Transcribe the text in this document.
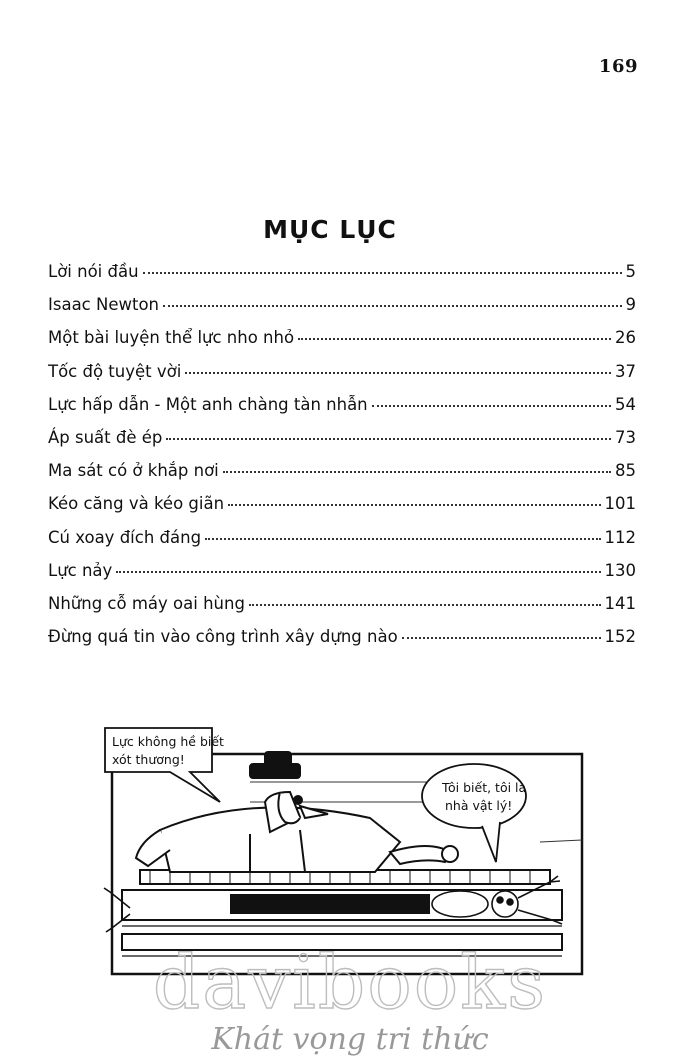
169
MỤC LỤC
Lời nói đầu	5
Isaac Newton	9
Một bài luyện thể lực nho nhỏ	26
Tốc độ tuyệt vời	37
Lực hấp dẫn - Một anh chàng tàn nhẫn	54
Áp suất đè ép	73
Ma sát có ở khắp nơi	85
Kéo căng và kéo giãn	101
Cú xoay đích đáng	112
Lực nảy	130
Những cỗ máy oai hùng	141
Đừng quá tin vào công trình xây dựng nào	152
Lực không hề biết
xót thương!
Tôi biết, tôi là
nhà vật lý!
davibooks
Khát vọng tri thức
